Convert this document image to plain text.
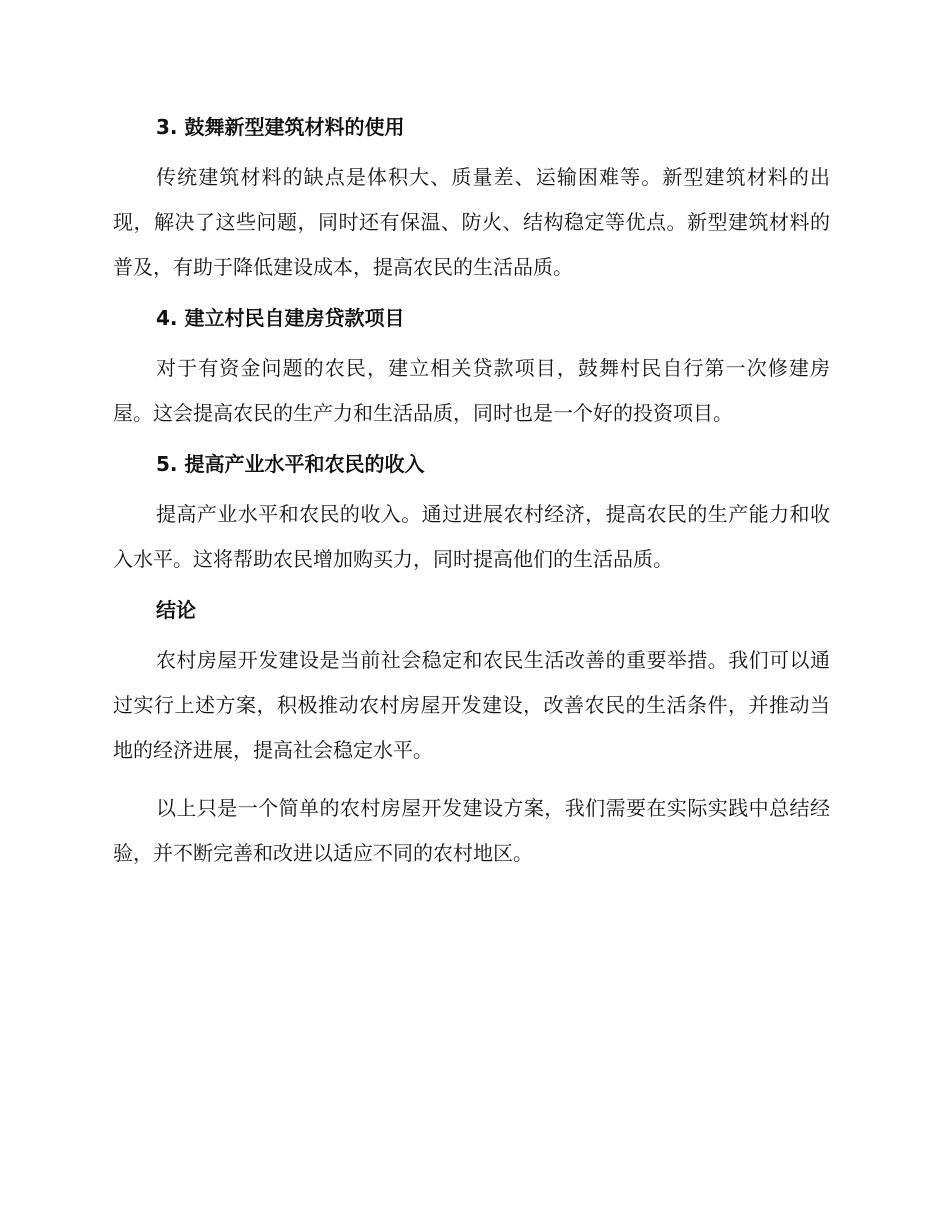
3. 鼓舞新型建筑材料的使用

传统建筑材料的缺点是体积大、质量差、运输困难等。新型建筑材料的出现，解决了这些问题，同时还有保温、防火、结构稳定等优点。新型建筑材料的普及，有助于降低建设成本，提高农民的生活品质。

4. 建立村民自建房贷款项目

对于有资金问题的农民，建立相关贷款项目，鼓舞村民自行第一次修建房屋。这会提高农民的生产力和生活品质，同时也是一个好的投资项目。

5. 提高产业水平和农民的收入

提高产业水平和农民的收入。通过进展农村经济，提高农民的生产能力和收入水平。这将帮助农民增加购买力，同时提高他们的生活品质。

结论

农村房屋开发建设是当前社会稳定和农民生活改善的重要举措。我们可以通过实行上述方案，积极推动农村房屋开发建设，改善农民的生活条件，并推动当地的经济进展，提高社会稳定水平。

以上只是一个简单的农村房屋开发建设方案，我们需要在实际实践中总结经验，并不断完善和改进以适应不同的农村地区。
